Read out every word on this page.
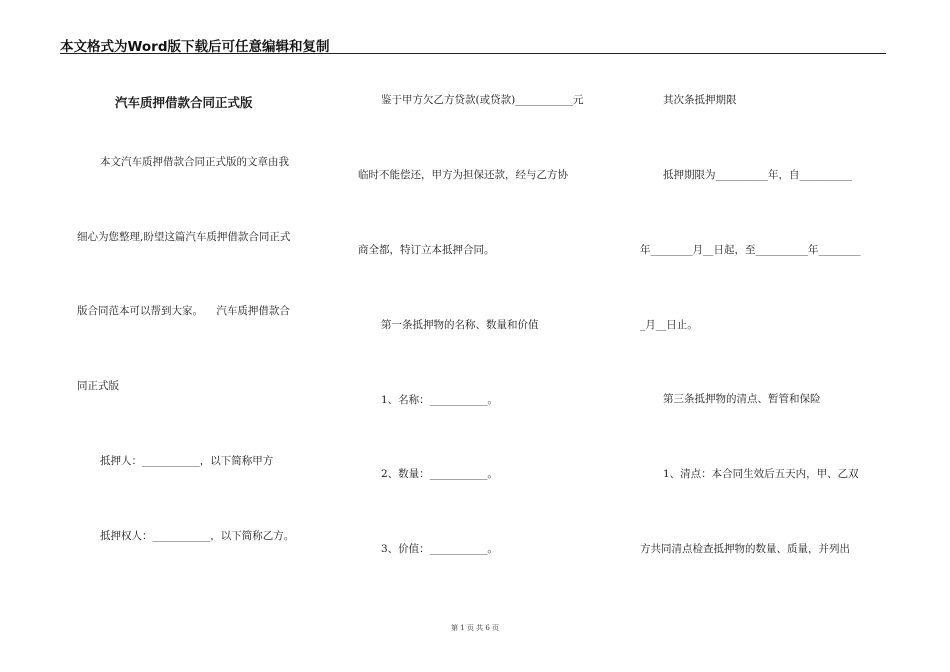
本文格式为Word版下载后可任意编辑和复制
汽车质押借款合同正式版
本文汽车质押借款合同正式版的文章由我
细心为您整理,盼望这篇汽车质押借款合同正式
版合同范本可以帮到大家。    汽车质押借款合
同正式版
抵押人：___________，以下简称甲方
抵押权人：___________，以下简称乙方。
鉴于甲方欠乙方贷款(或贷款)___________元
临时不能偿还，甲方为担保还款，经与乙方协
商全都，特订立本抵押合同。
第一条抵押物的名称、数量和价值
1、名称：___________。
2、数量：___________。
3、价值：___________。
其次条抵押期限
抵押期限为__________年，自__________
年________月__日起，至__________年________
_月__日止。
第三条抵押物的清点、暂管和保险
1、清点：本合同生效后五天内，甲、乙双
方共同清点检查抵押物的数量、质量，并列出
第 1 页 共 6 页
